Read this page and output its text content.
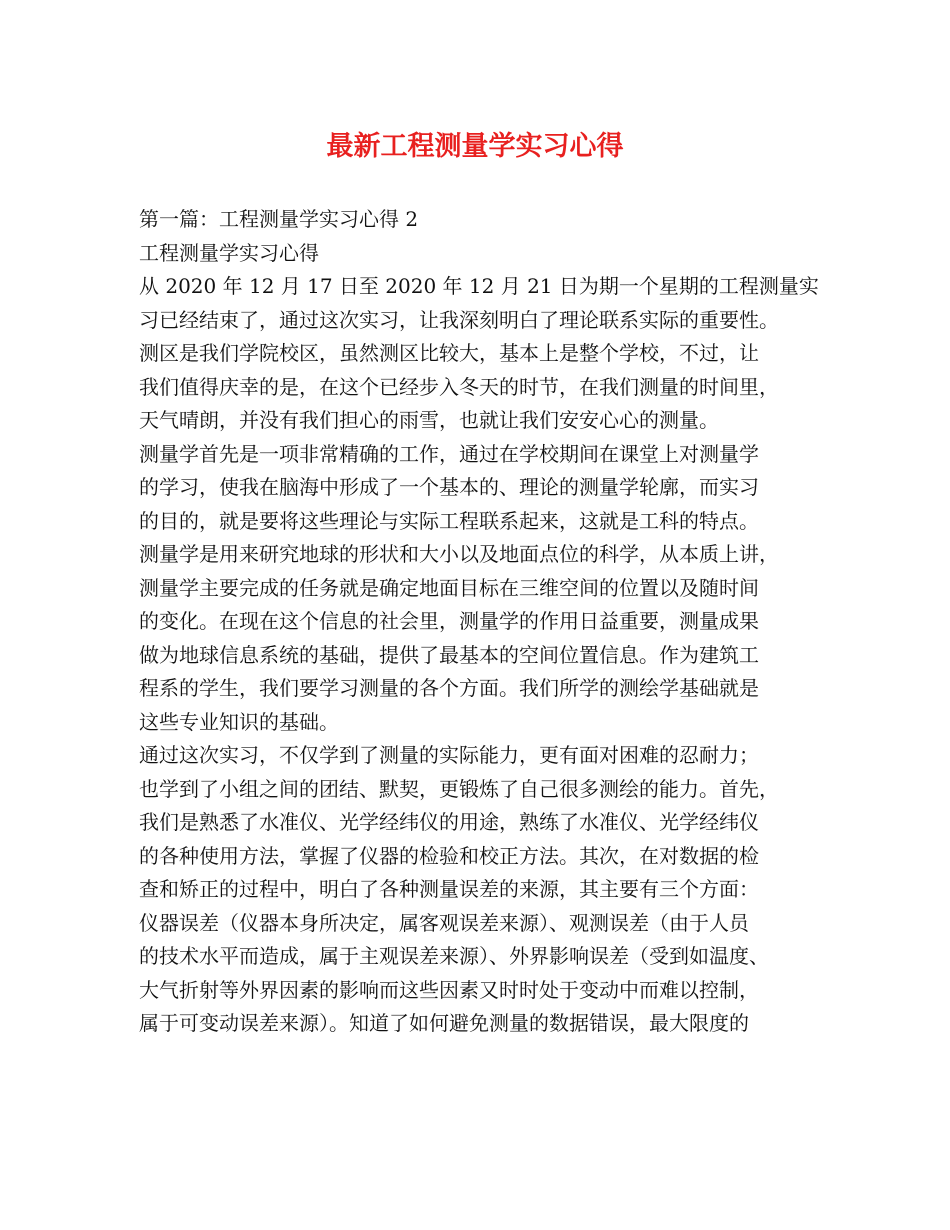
最新工程测量学实习心得
第一篇：工程测量学实习心得 2
工程测量学实习心得
从 2020 年 12 月 17 日至 2020 年 12 月 21 日为期一个星期的工程测量实
习已经结束了，通过这次实习，让我深刻明白了理论联系实际的重要性。
测区是我们学院校区，虽然测区比较大，基本上是整个学校，不过，让
我们值得庆幸的是，在这个已经步入冬天的时节，在我们测量的时间里，
天气晴朗，并没有我们担心的雨雪，也就让我们安安心心的测量。
测量学首先是一项非常精确的工作，通过在学校期间在课堂上对测量学
的学习，使我在脑海中形成了一个基本的、理论的测量学轮廓，而实习
的目的，就是要将这些理论与实际工程联系起来，这就是工科的特点。
测量学是用来研究地球的形状和大小以及地面点位的科学，从本质上讲，
测量学主要完成的任务就是确定地面目标在三维空间的位置以及随时间
的变化。在现在这个信息的社会里，测量学的作用日益重要，测量成果
做为地球信息系统的基础，提供了最基本的空间位置信息。作为建筑工
程系的学生，我们要学习测量的各个方面。我们所学的测绘学基础就是
这些专业知识的基础。
通过这次实习，不仅学到了测量的实际能力，更有面对困难的忍耐力；
也学到了小组之间的团结、默契，更锻炼了自己很多测绘的能力。首先，
我们是熟悉了水准仪、光学经纬仪的用途，熟练了水准仪、光学经纬仪
的各种使用方法，掌握了仪器的检验和校正方法。其次，在对数据的检
查和矫正的过程中，明白了各种测量误差的来源，其主要有三个方面：
仪器误差（仪器本身所决定，属客观误差来源）、观测误差（由于人员
的技术水平而造成，属于主观误差来源）、外界影响误差（受到如温度、
大气折射等外界因素的影响而这些因素又时时处于变动中而难以控制，
属于可变动误差来源）。知道了如何避免测量的数据错误，最大限度的
